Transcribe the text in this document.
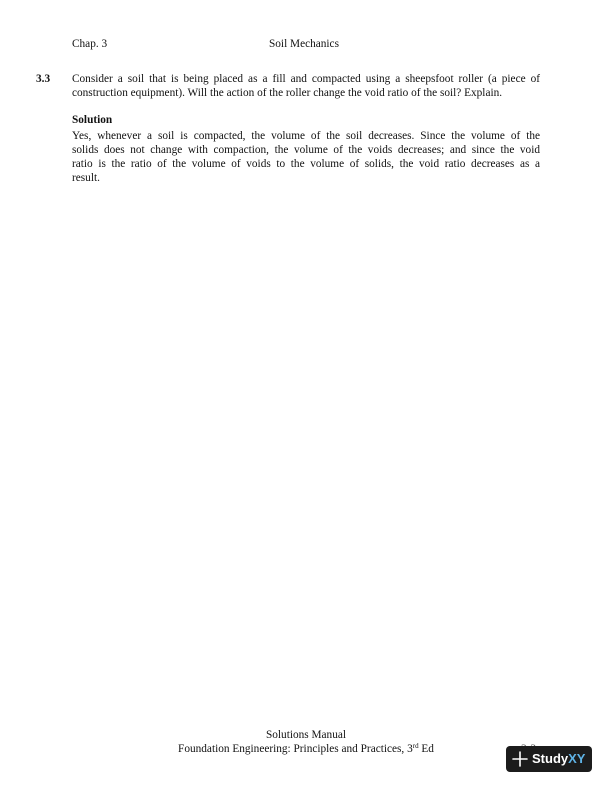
Chap. 3	Soil Mechanics
3.3 Consider a soil that is being placed as a fill and compacted using a sheepsfoot roller (a piece of
construction equipment). Will the action of the roller change the void ratio of the soil? Explain.
Solution
Yes, whenever a soil is compacted, the volume of the soil decreases. Since the volume of the
solids does not change with compaction, the volume of the voids decreases; and since the void
ratio is the ratio of the volume of voids to the volume of solids, the void ratio decreases as a
result.
Solutions Manual
Foundation Engineering: Principles and Practices, 3rd Ed
StudyXY
